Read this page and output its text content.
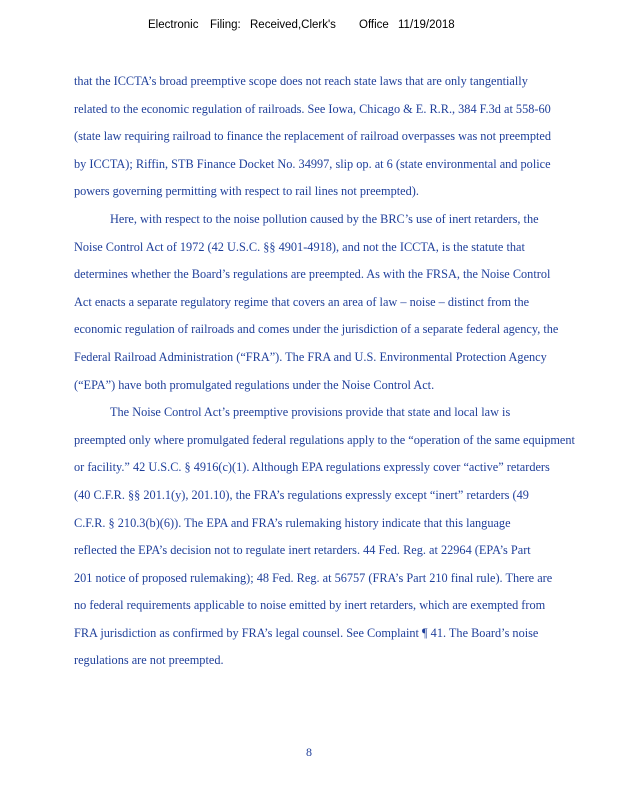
Electronic Filing: Received,Clerk's Office 11/19/2018
that the ICCTA’s broad preemptive scope does not reach state laws that are only tangentially
related to the economic regulation of railroads. See Iowa, Chicago & E. R.R., 384 F.3d at 558-60
(state law requiring railroad to finance the replacement of railroad overpasses was not preempted
by ICCTA); Riffin, STB Finance Docket No. 34997, slip op. at 6 (state environmental and police
powers governing permitting with respect to rail lines not preempted).
Here, with respect to the noise pollution caused by the BRC’s use of inert retarders, the
Noise Control Act of 1972 (42 U.S.C. §§ 4901-4918), and not the ICCTA, is the statute that
determines whether the Board’s regulations are preempted. As with the FRSA, the Noise Control
Act enacts a separate regulatory regime that covers an area of law – noise – distinct from the
economic regulation of railroads and comes under the jurisdiction of a separate federal agency, the
Federal Railroad Administration (“FRA”). The FRA and U.S. Environmental Protection Agency
(“EPA”) have both promulgated regulations under the Noise Control Act.
The Noise Control Act’s preemptive provisions provide that state and local law is
preempted only where promulgated federal regulations apply to the “operation of the same equipment
or facility.” 42 U.S.C. § 4916(c)(1). Although EPA regulations expressly cover “active” retarders
(40 C.F.R. §§ 201.1(y), 201.10), the FRA’s regulations expressly except “inert” retarders (49
C.F.R. § 210.3(b)(6)). The EPA and FRA’s rulemaking history indicate that this language
reflected the EPA’s decision not to regulate inert retarders. 44 Fed. Reg. at 22964 (EPA’s Part
201 notice of proposed rulemaking); 48 Fed. Reg. at 56757 (FRA’s Part 210 final rule). There are
no federal requirements applicable to noise emitted by inert retarders, which are exempted from
FRA jurisdiction as confirmed by FRA’s legal counsel. See Complaint ¶ 41. The Board’s noise
regulations are not preempted.
8
